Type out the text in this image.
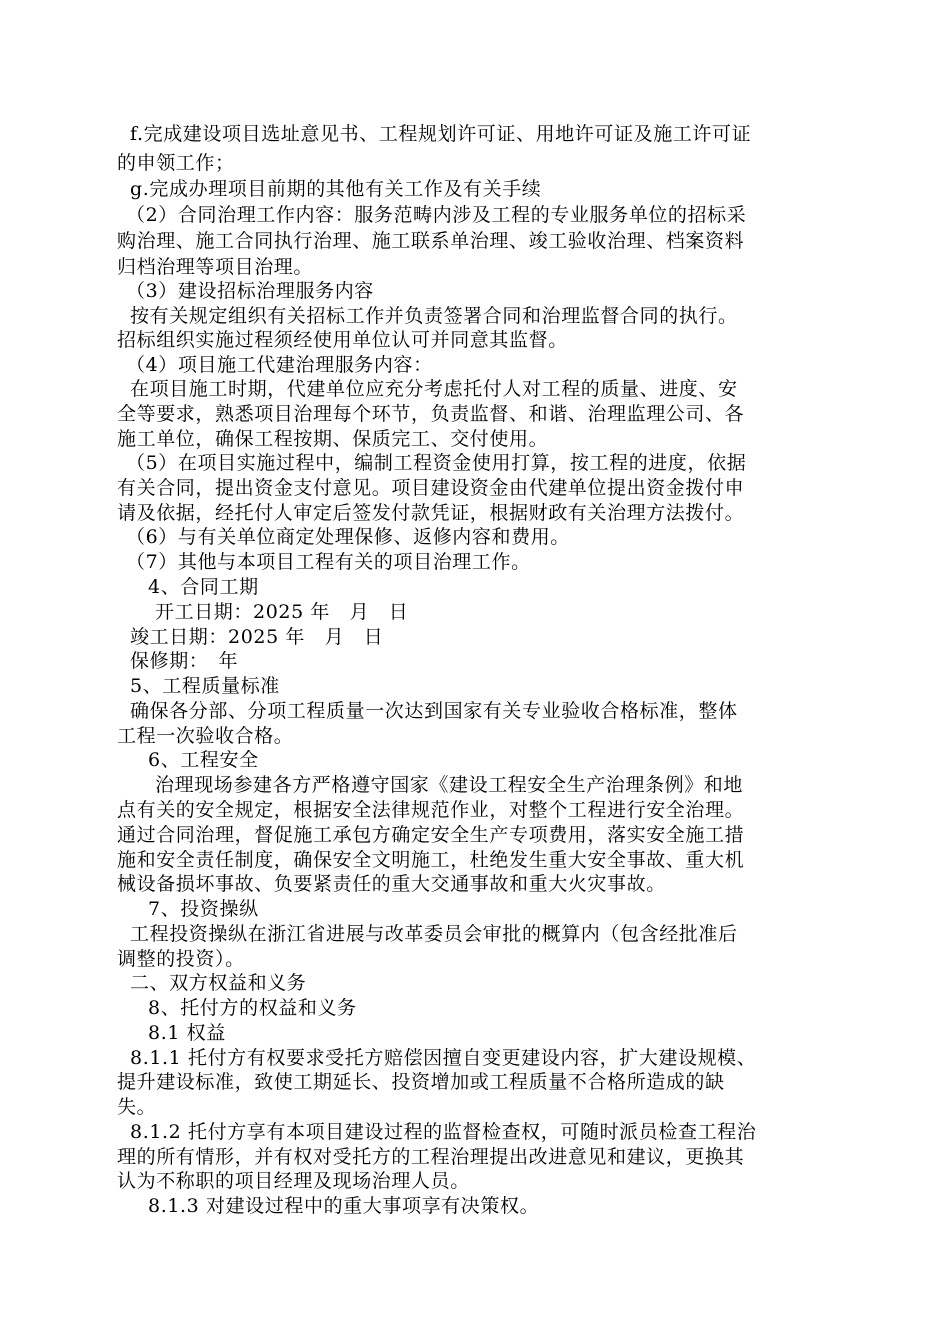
f.完成建设项目选址意见书、工程规划许可证、用地许可证及施工许可证
的申领工作；
g.完成办理项目前期的其他有关工作及有关手续
（2）合同治理工作内容：服务范畴内涉及工程的专业服务单位的招标采
购治理、施工合同执行治理、施工联系单治理、竣工验收治理、档案资料
归档治理等项目治理。
（3）建设招标治理服务内容
按有关规定组织有关招标工作并负责签署合同和治理监督合同的执行。
招标组织实施过程须经使用单位认可并同意其监督。
（4）项目施工代建治理服务内容：
在项目施工时期，代建单位应充分考虑托付人对工程的质量、进度、安
全等要求，熟悉项目治理每个环节，负责监督、和谐、治理监理公司、各
施工单位，确保工程按期、保质完工、交付使用。
（5）在项目实施过程中，编制工程资金使用打算，按工程的进度，依据
有关合同，提出资金支付意见。项目建设资金由代建单位提出资金拨付申
请及依据，经托付人审定后签发付款凭证，根据财政有关治理方法拨付。
（6）与有关单位商定处理保修、返修内容和费用。
（7）其他与本项目工程有关的项目治理工作。
4、合同工期
开工日期：2025 年　月　日
竣工日期：2025 年　月　日
保修期：　年
5、工程质量标准
确保各分部、分项工程质量一次达到国家有关专业验收合格标准，整体
工程一次验收合格。
6、工程安全
治理现场参建各方严格遵守国家《建设工程安全生产治理条例》和地
点有关的安全规定，根据安全法律规范作业，对整个工程进行安全治理。
通过合同治理，督促施工承包方确定安全生产专项费用，落实安全施工措
施和安全责任制度，确保安全文明施工，杜绝发生重大安全事故、重大机
械设备损坏事故、负要紧责任的重大交通事故和重大火灾事故。
7、投资操纵
工程投资操纵在浙江省进展与改革委员会审批的概算内（包含经批准后
调整的投资）。
二、双方权益和义务
8、托付方的权益和义务
8.1 权益
8.1.1 托付方有权要求受托方赔偿因擅自变更建设内容，扩大建设规模、
提升建设标准，致使工期延长、投资增加或工程质量不合格所造成的缺
失。
8.1.2 托付方享有本项目建设过程的监督检查权，可随时派员检查工程治
理的所有情形，并有权对受托方的工程治理提出改进意见和建议，更换其
认为不称职的项目经理及现场治理人员。
8.1.3 对建设过程中的重大事项享有决策权。
